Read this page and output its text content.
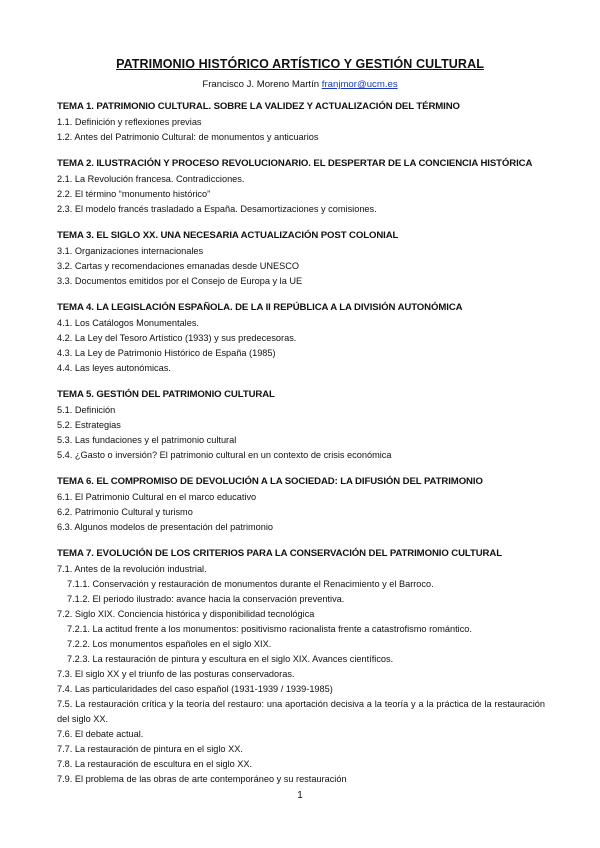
PATRIMONIO HISTÓRICO ARTÍSTICO Y GESTIÓN CULTURAL
Francisco J. Moreno Martín franjmor@ucm.es
TEMA 1. PATRIMONIO CULTURAL. SOBRE LA VALIDEZ Y ACTUALIZACIÓN DEL TÉRMINO
1.1. Definición y reflexiones previas
1.2. Antes del Patrimonio Cultural: de monumentos y anticuarios
TEMA 2. ILUSTRACIÓN Y PROCESO REVOLUCIONARIO. EL DESPERTAR DE LA CONCIENCIA HISTÓRICA
2.1. La Revolución francesa. Contradicciones.
2.2. El término “monumento histórico”
2.3. El modelo francés trasladado a España. Desamortizaciones y comisiones.
TEMA 3. EL SIGLO XX. UNA NECESARIA ACTUALIZACIÓN POST COLONIAL
3.1. Organizaciones internacionales
3.2. Cartas y recomendaciones emanadas desde UNESCO
3.3. Documentos emitidos por el Consejo de Europa y la UE
TEMA 4. LA LEGISLACIÓN ESPAÑOLA. DE LA II REPÚBLICA A LA DIVISIÓN AUTONÓMICA
4.1. Los Catálogos Monumentales.
4.2. La Ley del Tesoro Artístico (1933) y sus predecesoras.
4.3. La Ley de Patrimonio Histórico de España (1985)
4.4. Las leyes autonómicas.
TEMA 5. GESTIÓN DEL PATRIMONIO CULTURAL
5.1. Definición
5.2. Estrategias
5.3. Las fundaciones y el patrimonio cultural
5.4. ¿Gasto o inversión? El patrimonio cultural en un contexto de crisis económica
TEMA 6. EL COMPROMISO DE DEVOLUCIÓN A LA SOCIEDAD: LA DIFUSIÓN DEL PATRIMONIO
6.1. El Patrimonio Cultural en el marco educativo
6.2. Patrimonio Cultural y turismo
6.3. Algunos modelos de presentación del patrimonio
TEMA 7. EVOLUCIÓN DE LOS CRITERIOS PARA LA CONSERVACIÓN DEL PATRIMONIO CULTURAL
7.1. Antes de la revolución industrial.
7.1.1. Conservación y restauración de monumentos durante el Renacimiento y el Barroco.
7.1.2. El periodo ilustrado: avance hacia la conservación preventiva.
7.2. Siglo XIX. Conciencia histórica y disponibilidad tecnológica
7.2.1. La actitud frente a los monumentos: positivismo racionalista frente a catastrofismo romántico.
7.2.2. Los monumentos españoles en el siglo XIX.
7.2.3. La restauración de pintura y escultura en el siglo XIX. Avances científicos.
7.3. El siglo XX y el triunfo de las posturas conservadoras.
7.4. Las particularidades del caso español (1931-1939 / 1939-1985)
7.5. La restauración crítica y la teoría del restauro: una aportación decisiva a la teoría y a la práctica de la restauración del siglo XX.
7.6. El debate actual.
7.7. La restauración de pintura en el siglo XX.
7.8. La restauración de escultura en el siglo XX.
7.9. El problema de las obras de arte contemporáneo y su restauración
1
